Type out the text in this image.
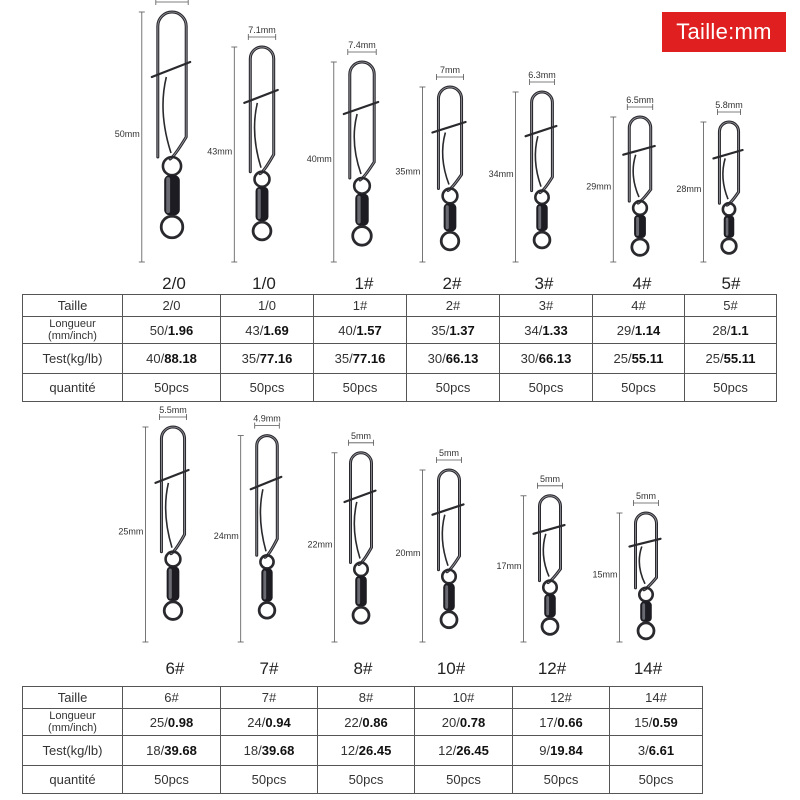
Taille:mm
50mm
2/0
43mm
7.1mm
1/0
40mm
7.4mm
1#
35mm
7mm
2#
34mm
6.3mm
3#
29mm
6.5mm
4#
28mm
5.8mm
5#
25mm
5.5mm
6#
24mm
4.9mm
7#
22mm
5mm
8#
20mm
5mm
10#
17mm
5mm
12#
15mm
5mm
14#
Taille	2/0	1/0	1#	2#	3#	4#	5#
Longueur
(mm/inch)	50/1.96	43/1.69	40/1.57	35/1.37	34/1.33	29/1.14	28/1.1
Test(kg/lb)	40/88.18	35/77.16	35/77.16	30/66.13	30/66.13	25/55.11	25/55.11
quantité	50pcs	50pcs	50pcs	50pcs	50pcs	50pcs	50pcs
Taille	6#	7#	8#	10#	12#	14#
Longueur
(mm/inch)	25/0.98	24/0.94	22/0.86	20/0.78	17/0.66	15/0.59
Test(kg/lb)	18/39.68	18/39.68	12/26.45	12/26.45	9/19.84	3/6.61
quantité	50pcs	50pcs	50pcs	50pcs	50pcs	50pcs
